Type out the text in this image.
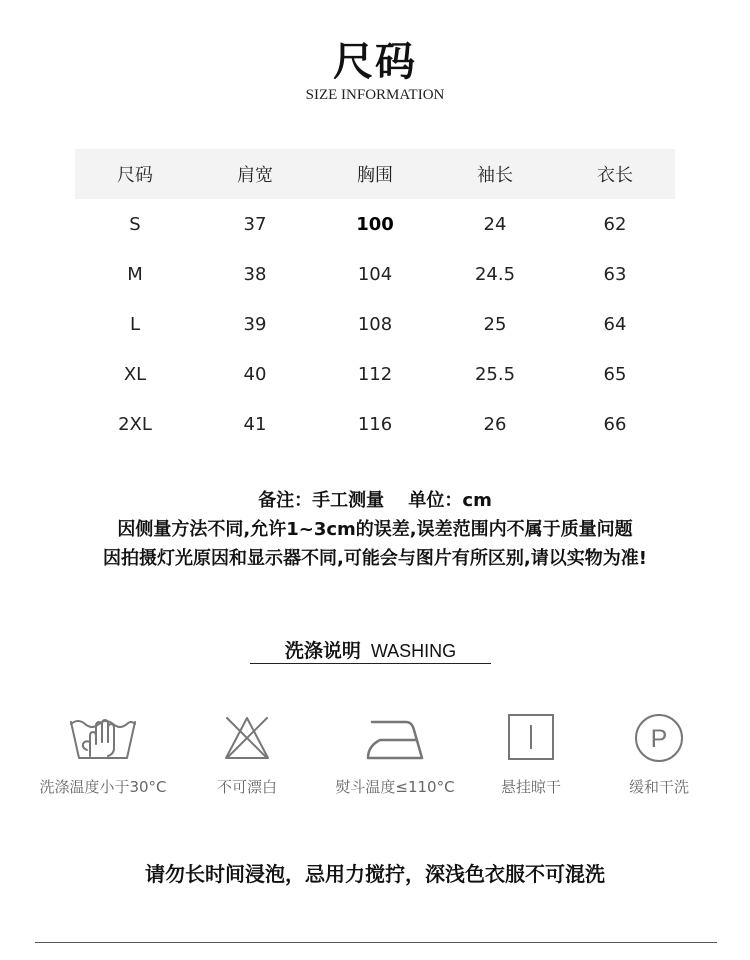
尺码
SIZE INFORMATION
尺码	肩宽	胸围	袖长	衣长
S	37	100	24	62
M	38	104	24.5	63
L	39	108	25	64
XL	40	112	25.5	65
2XL	41	116	26	66
备注：手工测量　 单位：cm
因侧量方法不同,允许1~3cm的误差,误差范围内不属于质量问题
因拍摄灯光原因和显示器不同,可能会与图片有所区别,请以实物为准!
洗涤说明 WASHING
洗涤温度小于30°C	不可漂白	熨斗温度≤110°C	悬挂晾干
P
缓和干洗
请勿长时间浸泡，忌用力搅拧，深浅色衣服不可混洗
